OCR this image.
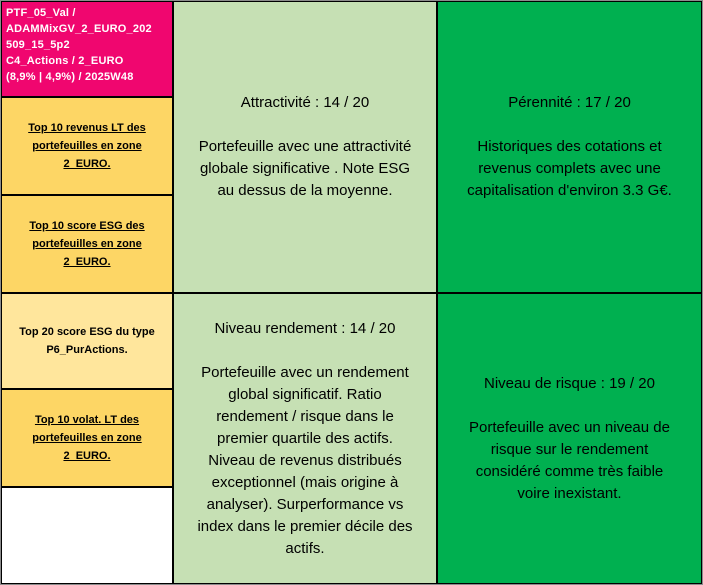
PTF_05_Val /
ADAMMixGV_2_EURO_202
509_15_5p2
C4_Actions / 2_EURO
(8,9% | 4,9%) / 2025W48
Top 10 revenus LT des portefeuilles en zone 2_EURO.
Top 10 score ESG des portefeuilles en zone 2_EURO.
Top 20 score ESG du type P6_PurActions.
Top 10 volat. LT des portefeuilles en zone 2_EURO.
Attractivité : 14 / 20
Portefeuille avec une attractivité
globale significative . Note ESG
au dessus de la moyenne.
Pérennité : 17 / 20
Historiques des cotations et
revenus complets avec une
capitalisation d'environ 3.3 G€.
Niveau rendement : 14 / 20
Portefeuille avec un rendement
global significatif. Ratio
rendement / risque dans le
premier quartile des actifs.
Niveau de revenus distribués
exceptionnel (mais origine à
analyser). Surperformance vs
index dans le premier décile des
actifs.
Niveau de risque : 19 / 20
Portefeuille avec un niveau de
risque sur le rendement
considéré comme très faible
voire inexistant.
